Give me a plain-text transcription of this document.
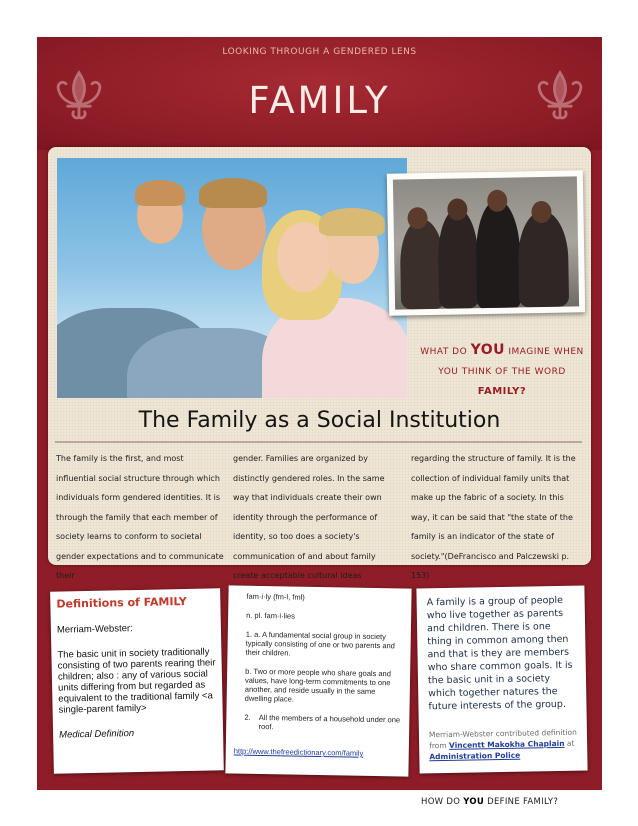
LOOKING THROUGH A GENDERED LENS
FAMILY
WHAT DO YOU IMAGINE WHEN
YOU THINK OF THE WORD
FAMILY?
The Family as a Social Institution
The family is the first, and most influential social structure through which individuals form gendered identities. It is through the family that each member of society learns to conform to societal gender expectations and to communicate their
gender. Families are organized by distinctly gendered roles. In the same way that individuals create their own identity through the performance of identity, so too does a society's communication of and about family create acceptable cultural ideas
regarding the structure of family. It is the collection of individual family units that make up the fabric of a society. In this way, it can be said that "the state of the family is an indicator of the state of society."(DeFrancisco and Palczewski p. 153)
Definitions of FAMILY
Merriam-Webster:
The basic unit in society traditionally consisting of two parents rearing their children; also : any of various social units differing from but regarded as equivalent to the traditional family <a single-parent family>
Medical Definition
fam·i·ly (fm-l, fml)
n. pl. fam·i·lies
1. a. A fundamental social group in society typically consisting of one or two parents and their children.
b. Two or more people who share goals and values, have long-term commitments to one another, and reside usually in the same dwelling place.
2.	All the members of a household under one roof.
http://www.thefreedictionary.com/family
A family is a group of people who live together as parents and children. There is one thing in common among then and that is they are members who share common goals. It is the basic unit in a society which together natures the future interests of the group.
Merriam-Webster contributed definition from Vincentt Makokha Chaplain at Administration Police
HOW DO YOU DEFINE FAMILY?
